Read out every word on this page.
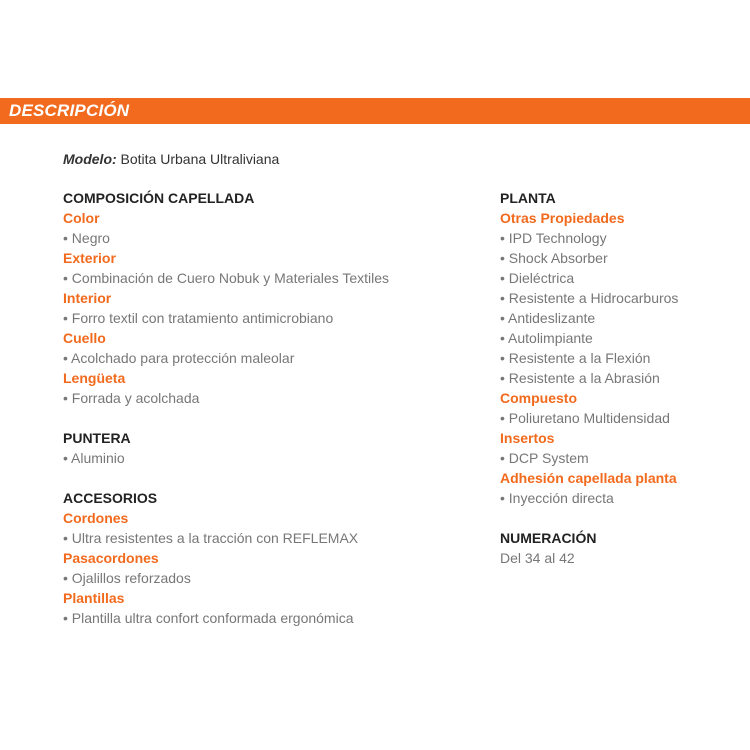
DESCRIPCIÓN
Modelo: Botita Urbana Ultraliviana
COMPOSICIÓN CAPELLADA
Color
• Negro
Exterior
• Combinación de Cuero Nobuk y Materiales Textiles
Interior
• Forro textil con tratamiento antimicrobiano
Cuello
• Acolchado para protección maleolar
Lengüeta
• Forrada y acolchada
PUNTERA
• Aluminio
ACCESORIOS
Cordones
• Ultra resistentes a la tracción con REFLEMAX
Pasacordones
• Ojalillos reforzados
Plantillas
• Plantilla ultra confort conformada ergonómica
PLANTA
Otras Propiedades
• IPD Technology
• Shock Absorber
• Dieléctrica
• Resistente a Hidrocarburos
• Antideslizante
• Autolimpiante
• Resistente a la Flexión
• Resistente a la Abrasión
Compuesto
• Poliuretano Multidensidad
Insertos
• DCP System
Adhesión capellada planta
• Inyección directa
NUMERACIÓN
Del 34 al 42
